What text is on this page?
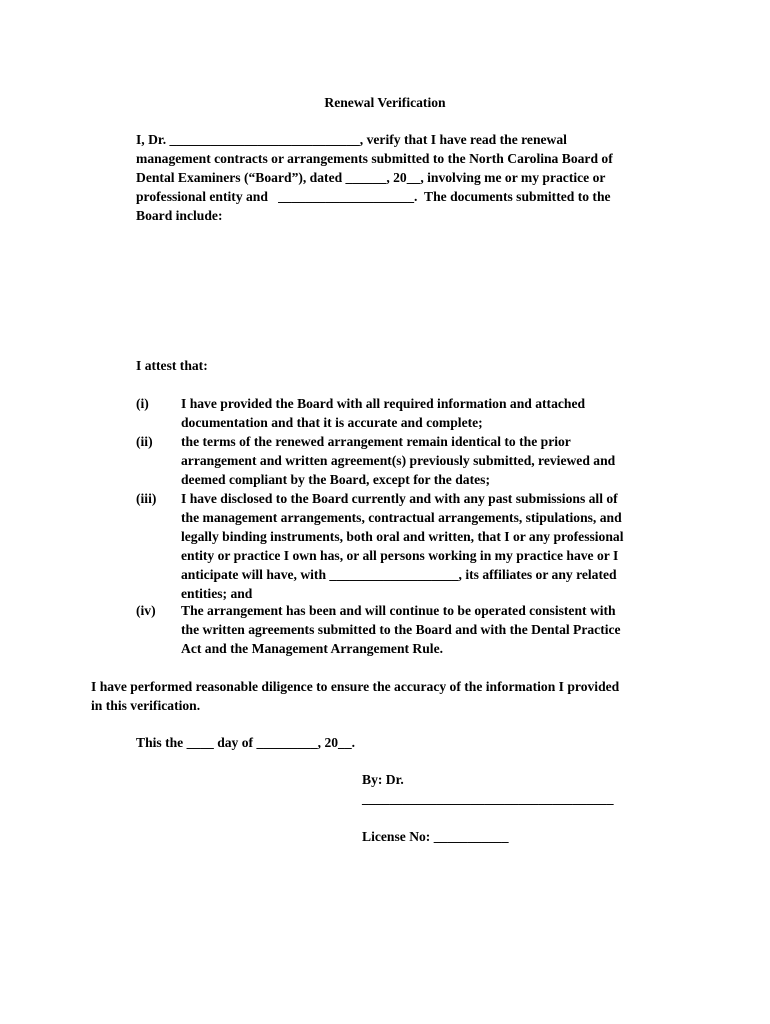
Renewal Verification
I, Dr. ____________________________, verify that I have read the renewal
management contracts or arrangements submitted to the North Carolina Board of
Dental Examiners (“Board”), dated ______, 20__, involving me or my practice or
professional entity and   ____________________.  The documents submitted to the
Board include:
I attest that:
(i) I have provided the Board with all required information and attached
documentation and that it is accurate and complete;
(ii) the terms of the renewed arrangement remain identical to the prior
arrangement and written agreement(s) previously submitted, reviewed and
deemed compliant by the Board, except for the dates;
(iii) I have disclosed to the Board currently and with any past submissions all of
the management arrangements, contractual arrangements, stipulations, and
legally binding instruments, both oral and written, that I or any professional
entity or practice I own has, or all persons working in my practice have or I
anticipate will have, with ___________________, its affiliates or any related
entities; and
(iv) The arrangement has been and will continue to be operated consistent with
the written agreements submitted to the Board and with the Dental Practice
Act and the Management Arrangement Rule.
I have performed reasonable diligence to ensure the accuracy of the information I provided
in this verification.
This the ____ day of _________, 20__.
By: Dr.
_____________________________________
License No: ___________
